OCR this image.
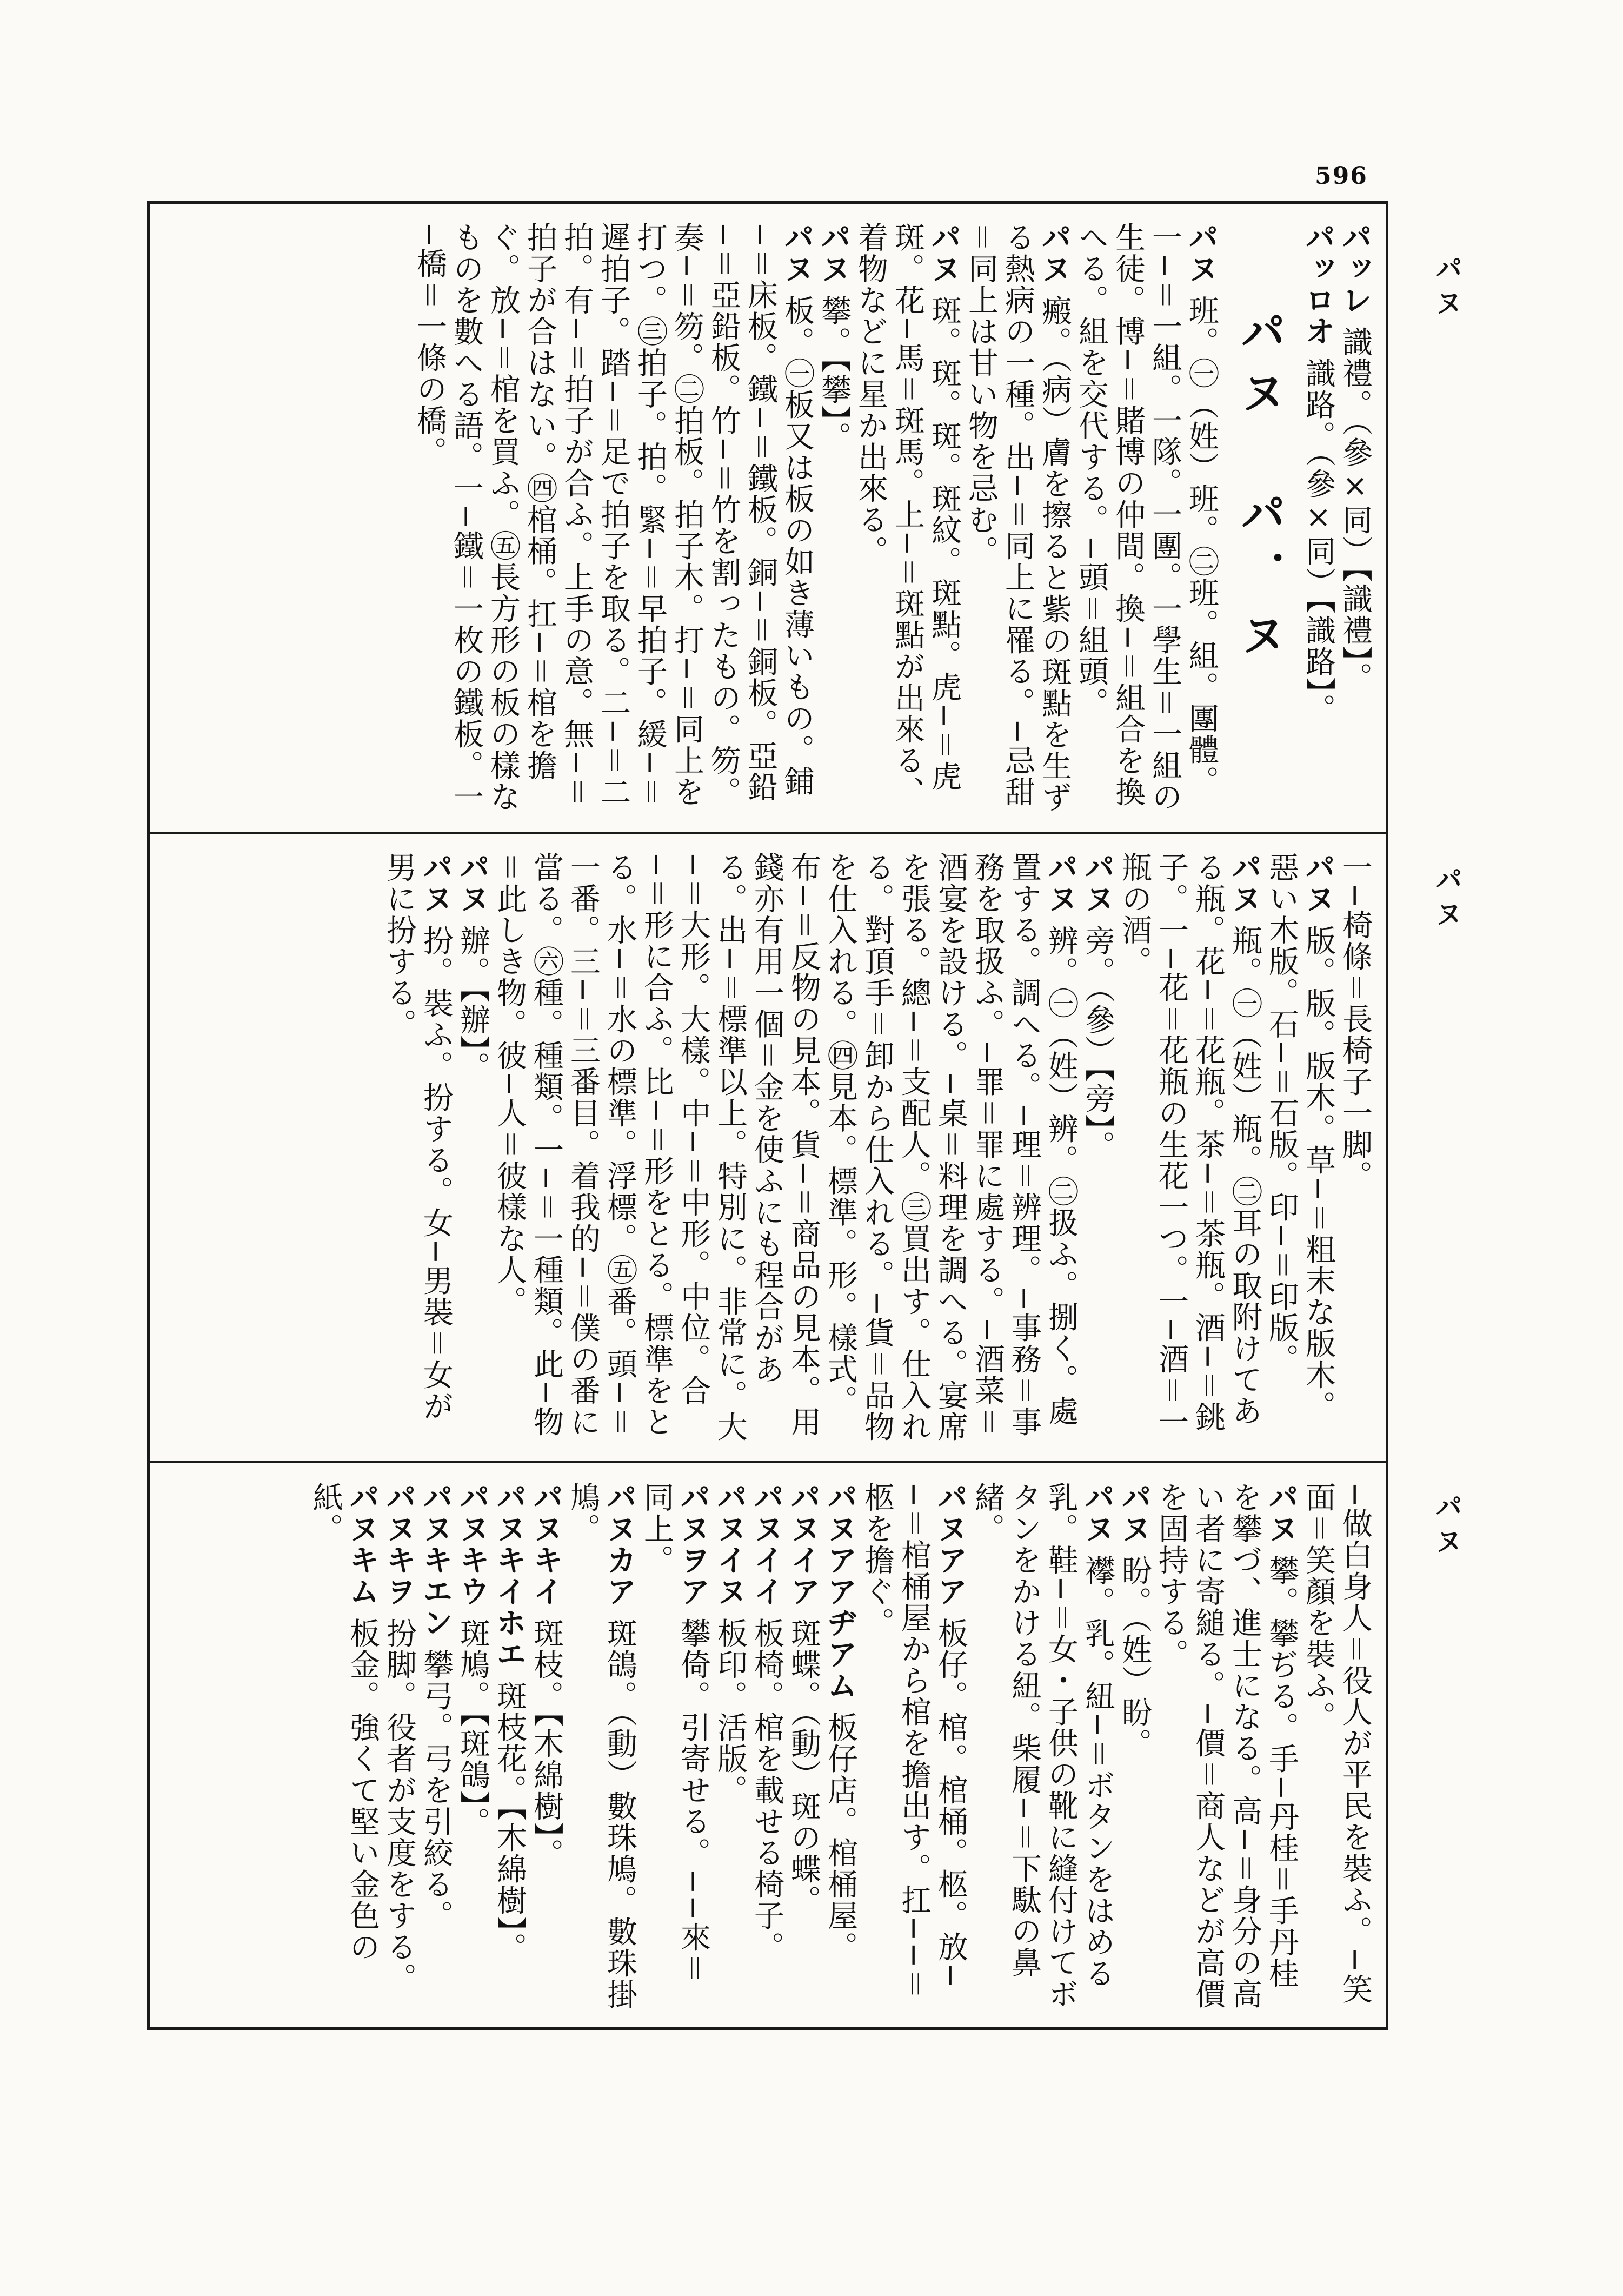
596
パヌ
パヌ
パヌ
パッレ 識禮。（參×同）【識禮】。
パッロオ 識路。（參×同）【識路】。
パヌ　パ．ヌ
パヌ 班。㊀（姓）班。㊁班。組。團體。一−＝一組。一隊。一團。一學生＝一組の生徒。博−＝賭博の仲間。換−＝組合を換へる。組を交代する。−頭＝組頭。
パヌ 瘢。（病）膚を擦ると紫の斑點を生ずる熱病の一種。出−＝同上に罹る。−忌甜＝同上は甘い物を忌む。
パヌ 斑。斑。斑。斑紋。斑點。虎−＝虎斑。花−馬＝斑馬。上−＝斑點が出來る、着物などに星か出來る。
パヌ 攀。【攀】。
パヌ 板。㊀板又は板の如き薄いもの。鋪−＝床板。鐵−＝鐵板。銅−＝銅板。亞鉛−＝亞鉛板。竹−＝竹を割ったもの。笏。奏−＝笏。㊁拍板。拍子木。打−＝同上を打つ。㊂拍子。拍。緊−＝早拍子。緩−＝遲拍子。踏−＝足で拍子を取る。二−＝二拍。有−＝拍子が合ふ。上手の意。無−＝拍子が合はない。㊃棺桶。扛−＝棺を擔ぐ。放−＝棺を買ふ。㊄長方形の板の樣なものを數へる語。一−鐵＝一枚の鐵板。一−橋＝一條の橋。
一−椅條＝長椅子一脚。
パヌ 版。版。版木。草−＝粗末な版木。惡い木版。石−＝石版。印−＝印版。
パヌ 瓶。㊀（姓）瓶。㊁耳の取附けてある瓶。花−＝花瓶。茶−＝茶瓶。酒−＝銚子。一−花＝花瓶の生花一つ。一−酒＝一瓶の酒。
パヌ 旁。（參）【旁】。
パヌ 辨。㊀（姓）辨。㊁扱ふ。捌く。處置する。調へる。−理＝辨理。−事務＝事務を取扱ふ。−罪＝罪に處する。−酒菜＝酒宴を設ける。−桌＝料理を調へる。宴席を張る。總−＝支配人。㊂買出す。仕入れる。對頂手＝卸から仕入れる。−貨＝品物を仕入れる。㊃見本。標準。形。樣式。布−＝反物の見本。貨−＝商品の見本。用錢亦有用一個＝金を使ふにも程合がある。出−＝標準以上。特別に。非常に。大−＝大形。大樣。中−＝中形。中位。合−＝形に合ふ。比−＝形をとる。標準をとる。水−＝水の標準。浮標。㊄番。頭−＝一番。三−＝三番目。着我的−＝僕の番に當る。㊅種。種類。一−＝一種類。此−物＝此しき物。彼−人＝彼樣な人。
パヌ 辦。【辦】。
パヌ 扮。裝ふ。扮する。女−男裝＝女が男に扮する。
−做白身人＝役人が平民を裝ふ。−笑面＝笑顏を裝ふ。
パヌ 攀。攀ぢる。手−丹桂＝手丹桂を攀づ、進士になる。高−＝身分の高い者に寄縋る。−價＝商人などが高價を固持する。
パヌ 盼。（姓）盼。
パヌ 襻。乳。紐−＝ボタンをはめる乳。鞋−＝女・子供の靴に縫付けてボタンをかける紐。柴履−＝下駄の鼻緒。
パヌアア 板仔。棺。棺桶。柩。放−−＝棺桶屋から棺を擔出す。扛−−＝柩を擔ぐ。
パヌアアヂアム 板仔店。棺桶屋。
パヌイア 斑蝶。（動）斑の蝶。
パヌイイ 板椅。棺を載せる椅子。
パヌイヌ 板印。活版。
パヌヲア 攀倚。引寄せる。−−來＝同上。
パヌカア 斑鴿。（動）數珠鳩。數珠掛鳩。
パヌキイ 斑枝。【木綿樹】。
パヌキイホエ 斑枝花。【木綿樹】。
パヌキウ 斑鳩。【斑鴿】。
パヌキエン 攀弓。弓を引絞る。
パヌキヲ 扮脚。役者が支度をする。
パヌキム 板金。強くて堅い金色の紙。
